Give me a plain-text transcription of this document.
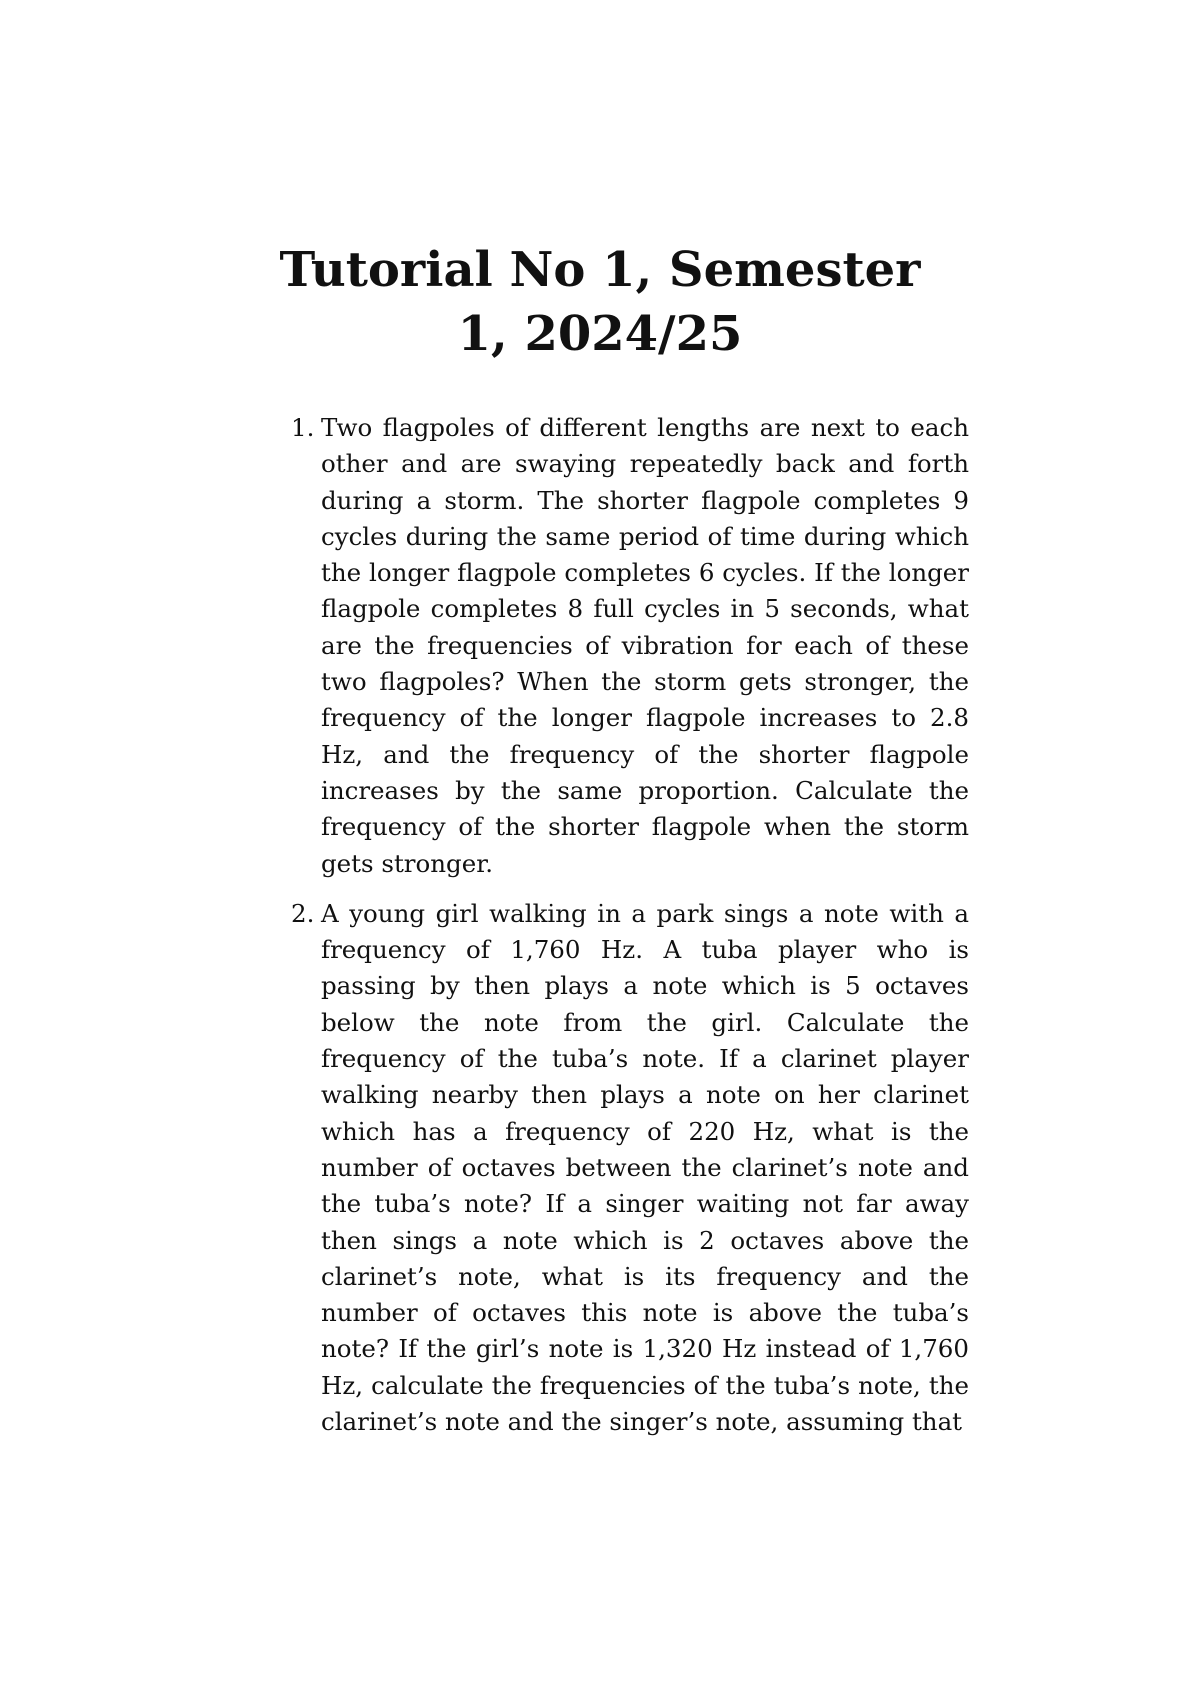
Tutorial No 1, Semester 1, 2024/25
1. Two flagpoles of different lengths are next to each other and are swaying repeatedly back and forth during a storm. The shorter flagpole completes 9 cycles during the same period of time during which the longer flagpole completes 6 cycles. If the longer flagpole completes 8 full cycles in 5 seconds, what are the frequencies of vibration for each of these two flagpoles? When the storm gets stronger, the frequency of the longer flagpole increases to 2.8 Hz, and the frequency of the shorter flagpole increases by the same proportion. Calculate the frequency of the shorter flagpole when the storm gets stronger.
2. A young girl walking in a park sings a note with a frequency of 1,760 Hz. A tuba player who is passing by then plays a note which is 5 octaves below the note from the girl. Calculate the frequency of the tuba’s note. If a clarinet player walking nearby then plays a note on her clarinet which has a frequency of 220 Hz, what is the number of octaves between the clarinet’s note and the tuba’s note? If a singer waiting not far away then sings a note which is 2 octaves above the clarinet’s note, what is its frequency and the number of octaves this note is above the tuba’s note? If the girl’s note is 1,320 Hz instead of 1,760 Hz, calculate the frequencies of the tuba’s note, the clarinet’s note and the singer’s note, assuming that
